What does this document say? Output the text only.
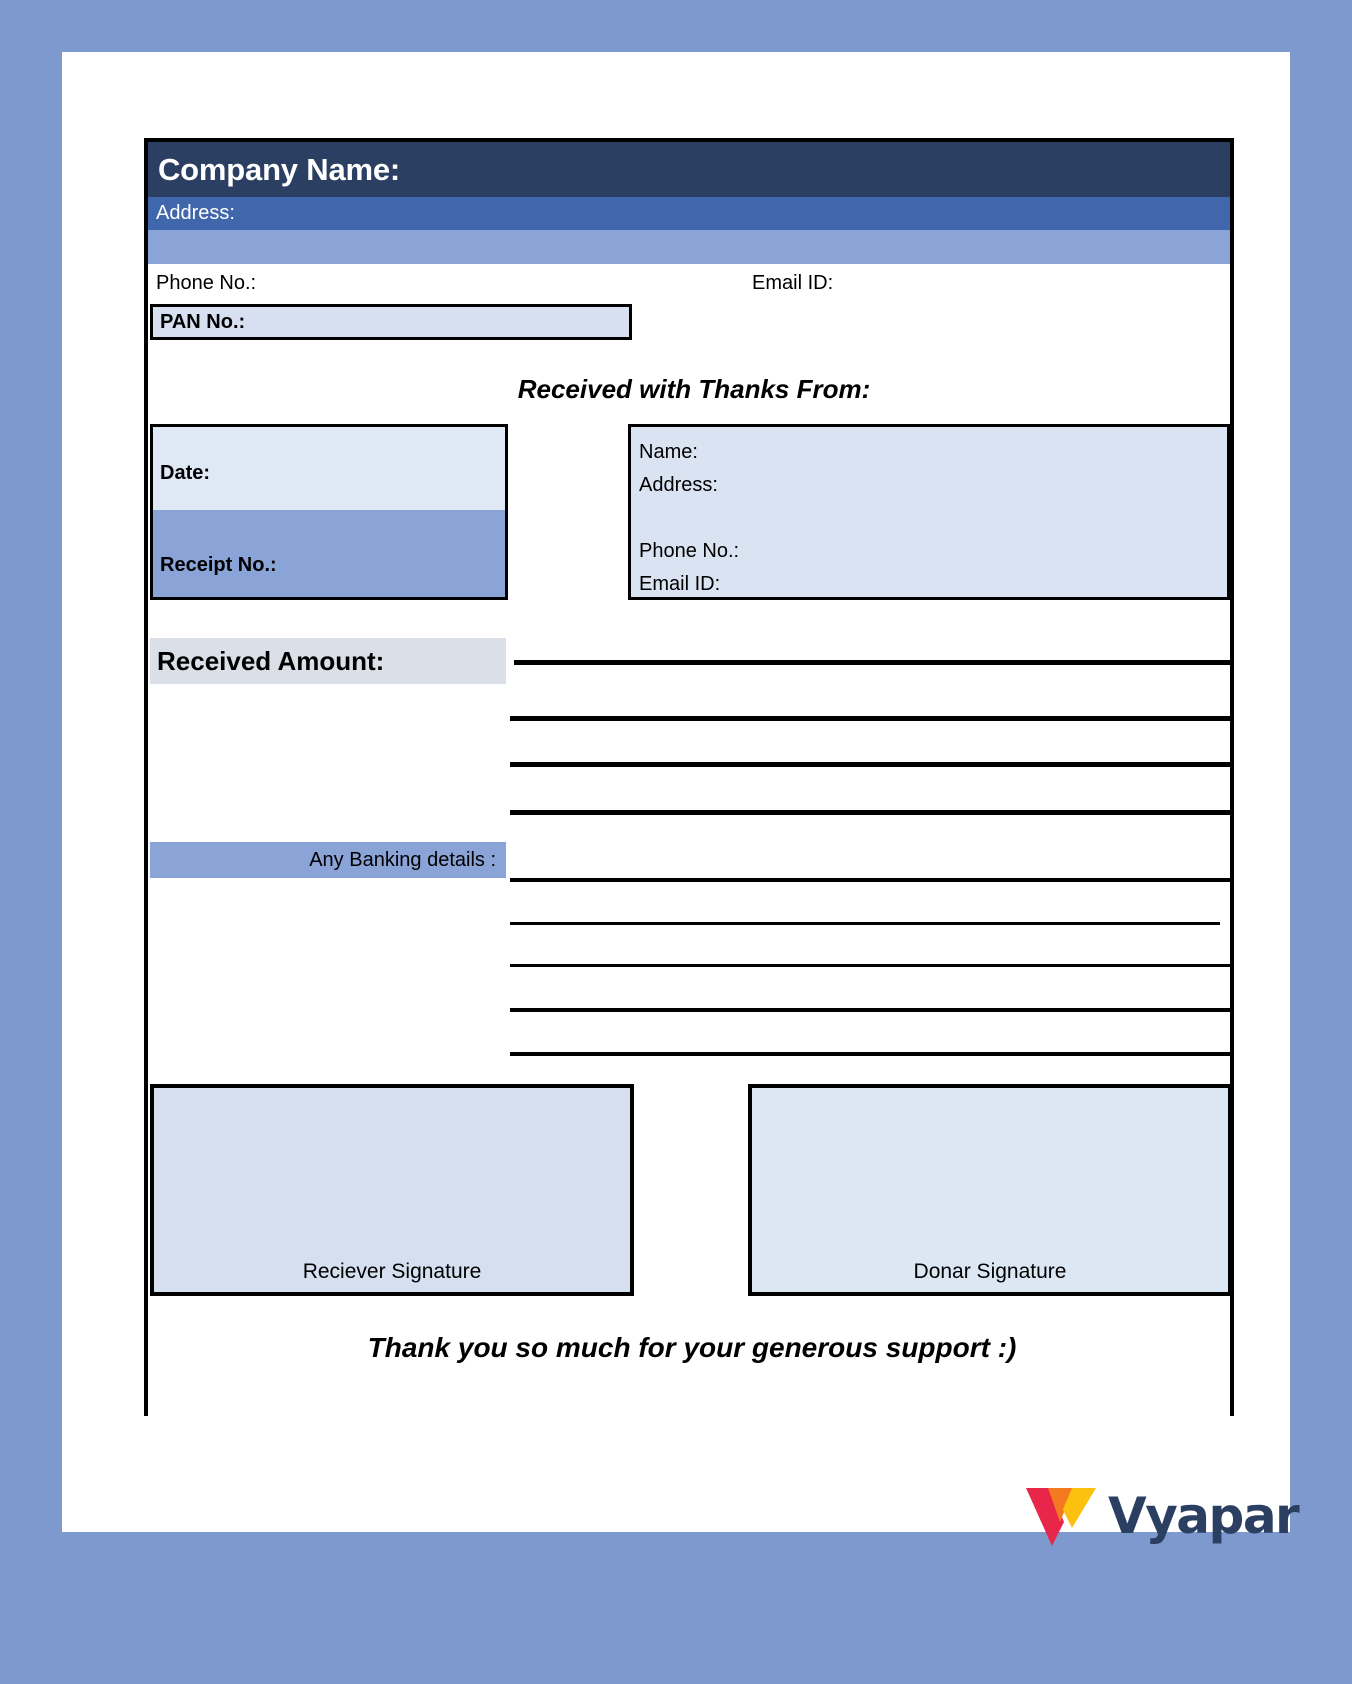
Company Name:
Address:
Phone No.:	Email ID:
PAN No.:
Received with Thanks From:
Date:
Receipt No.:
Name:
Address:
Phone No.:
Email ID:
Received Amount:
Any Banking details :
Reciever Signature	Donar Signature
Thank you so much for your generous support :)
Vyapar
